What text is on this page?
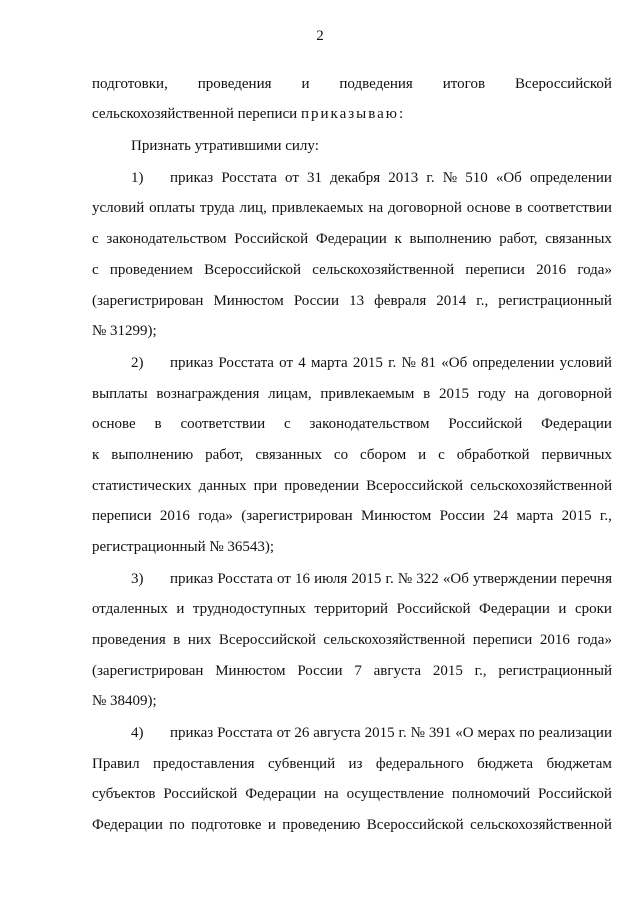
2
подготовки, проведения и подведения итогов Всероссийской
сельскохозяйственной переписи приказываю:
Признать утратившими силу:
1)	приказ Росстата от 31 декабря 2013 г. № 510 «Об определении
условий оплаты труда лиц, привлекаемых на договорной основе в соответствии
с законодательством Российской Федерации к выполнению работ, связанных
с проведением Всероссийской сельскохозяйственной переписи 2016 года»
(зарегистрирован Минюстом России 13 февраля 2014 г., регистрационный
№ 31299);
2)	приказ Росстата от 4 марта 2015 г. № 81 «Об определении условий
выплаты вознаграждения лицам, привлекаемым в 2015 году на договорной
основе в соответствии с законодательством Российской Федерации
к выполнению работ, связанных со сбором и с обработкой первичных
статистических данных при проведении Всероссийской сельскохозяйственной
переписи 2016 года» (зарегистрирован Минюстом России 24 марта 2015 г.,
регистрационный № 36543);
3)	приказ Росстата от 16 июля 2015 г. № 322 «Об утверждении перечня
отдаленных и труднодоступных территорий Российской Федерации и сроки
проведения в них Всероссийской сельскохозяйственной переписи 2016 года»
(зарегистрирован Минюстом России 7 августа 2015 г., регистрационный
№ 38409);
4)	приказ Росстата от 26 августа 2015 г. № 391 «О мерах по реализации
Правил предоставления субвенций из федерального бюджета бюджетам
субъектов Российской Федерации на осуществление полномочий Российской
Федерации по подготовке и проведению Всероссийской сельскохозяйственной
